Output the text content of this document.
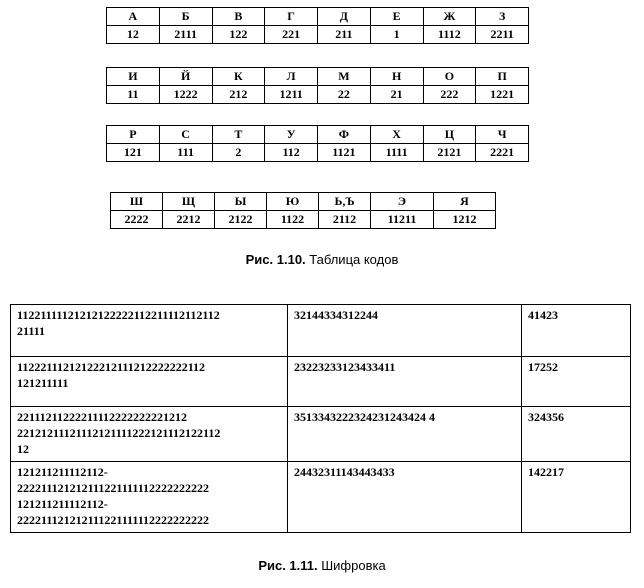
А	Б	В	Г	Д	Е	Ж	З
12	2111	122	221	211	1	1112	2211
И	Й	К	Л	М	Н	О	П
11	1222	212	1211	22	21	222	1221
Р	С	Т	У	Ф	Х	Ц	Ч
121	111	2	112	1121	1111	2121	2221
Ш	Щ	Ы	Ю	Ь,Ъ	Э	Я
2222	2212	2122	1122	2112	11211	1212
Рис. 1.10. Таблица кодов
11221111121212122222112211112112112
21111	32144334312244	41423

11222111212122212111212222222112
121211111	23223233123433411	17252

22111211222211112222222221212
22121211121112121111222121112122112
12	3513343222324231243424 4	324356

121211211112112-
222211121212111221111112222222222
121211211112112-
222211121212111221111112222222222	24432311143443433	142217
Рис. 1.11. Шифровка
